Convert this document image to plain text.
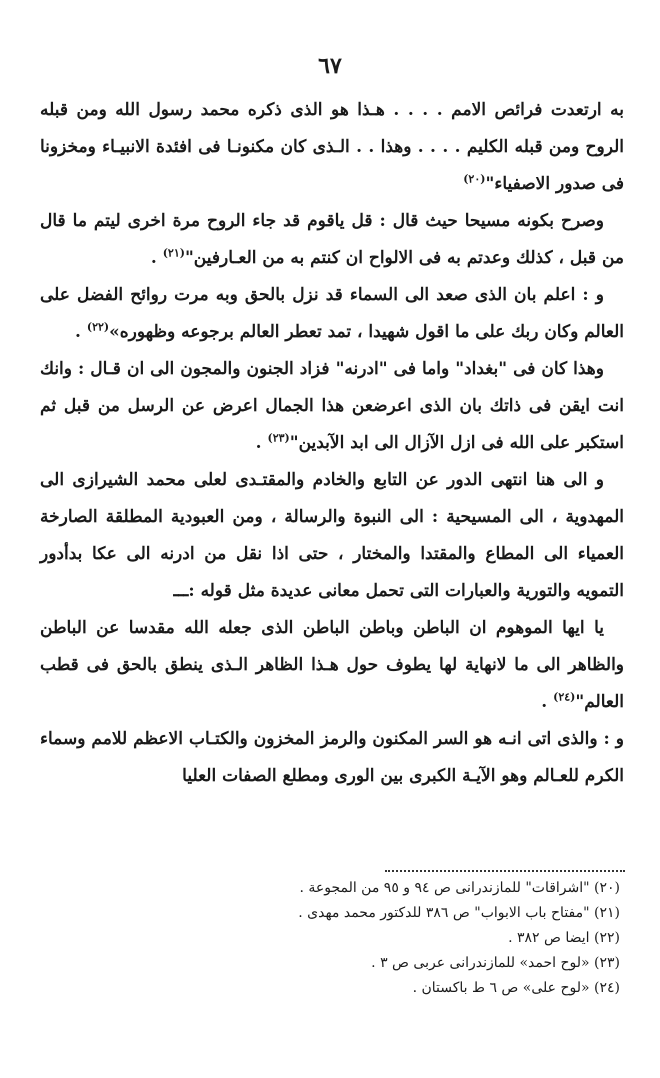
٦٧

به ارتعدت فرائص الامم . . . . هـذا هو الذى ذكره محمد رسول الله ومن قبله الروح ومن قبله الكليم . . . . وهذا . . الـذى كان مكنونـا فى افئدة الانبيـاء ومخزونا فى صدور الاصفياء"$^{(٢٠)}$

وصرح بكونه مسيحا حيث قال : قل ياقوم قد جاء الروح مرة اخرى ليتم ما قال من قبل ، كذلك وعدتم به فى الالواح ان كنتم به من العـارفين"$^{(٢١)}$ .

و : اعلم بان الذى صعد الى السماء قد نزل بالحق وبه مرت روائح الفضل على العالم وكان ربك على ما اقول شهيدا ، تمد تعطر العالم برجوعه وظهوره»$^{(٢٢)}$ .

وهذا كان فى "بغداد" واما فى "ادرنه" فزاد الجنون والمجون الى ان قـال : وانك انت ايقن فى ذاتك بان الذى اعرضعن هذا الجمال اعرض عن الرسل من قبل ثم استكبر على الله فى ازل الآزال الى ابد الآبدين"$^{(٢٣)}$ .

و الى هنا انتهى الدور عن التابع والخادم والمقتـدى لعلى محمد الشيرازى الى المهدوية ، الى المسيحية : الى النبوة والرسالة ، ومن العبودية المطلقة الصارخة العمياء الى المطاع والمقتدا والمختار ، حتى اذا نقل من ادرنه الى عكا بدأدور التمويه والتورية والعبارات التى تحمل معانى عديدة مثل قوله :ـــ

يا ايها الموهوم ان الباطن وباطن الباطن الذى جعله الله مقدسا عن الباطن والظاهر الى ما لانهاية لها يطوف حول هـذا الظاهر الـذى ينطق بالحق فى قطب العالم"$^{(٢٤)}$ .

و : والذى اتى انـه هو السر المكنون والرمز المخزون والكتـاب الاعظم للامم وسماء الكرم للعـالم وهو الآيـة الكبرى بين الورى ومطلع الصفات العليا

(٢٠) "اشراقات" للمازندرانى ص ٩٤ و ٩٥ من المجوعة .
(٢١) "مفتاح باب الابواب" ص ٣٨٦ للدكتور محمد مهدى .
(٢٢) ايضا ص ٣٨٢ .
(٢٣) «لوح احمد» للمازندرانى عربى ص ٣ .
(٢٤) «لوح على» ص ٦ ط باكستان .
